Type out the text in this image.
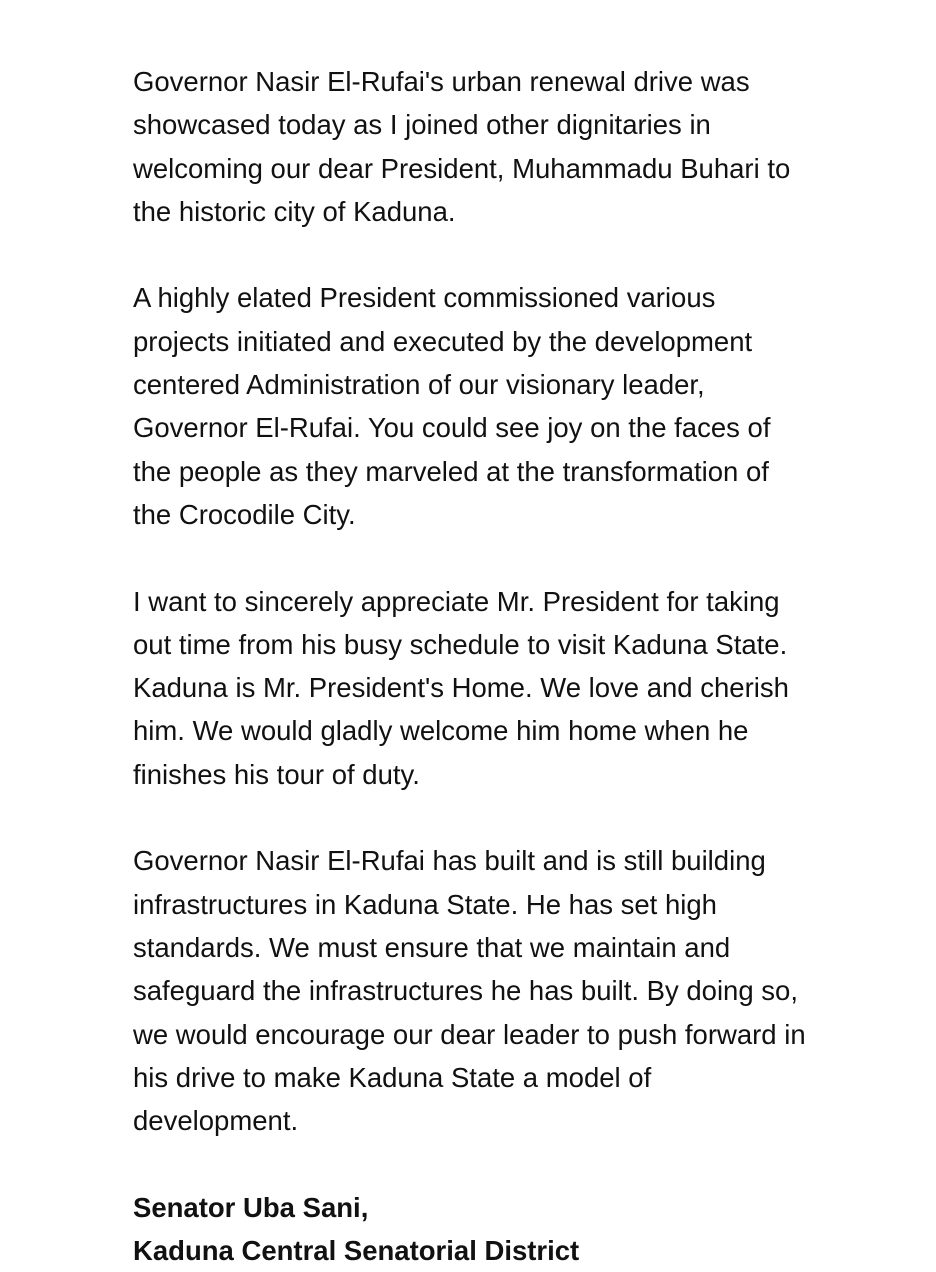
Governor Nasir El-Rufai's urban renewal drive was
showcased today as I joined other dignitaries in
welcoming our dear President, Muhammadu Buhari to
the historic city of Kaduna.

A highly elated President commissioned various
projects initiated and executed by the development
centered Administration of our visionary leader,
Governor El-Rufai. You could see joy on the faces of
the people as they marveled at the transformation of
the Crocodile City.

I want to sincerely appreciate Mr. President for taking
out time from his busy schedule to visit Kaduna State.
Kaduna is Mr. President's Home. We love and cherish
him. We would gladly welcome him home when he
finishes his tour of duty.

Governor Nasir El-Rufai has built and is still building
infrastructures in Kaduna State. He has set high
standards. We must ensure that we maintain and
safeguard the infrastructures he has built. By doing so,
we would encourage our dear leader to push forward in
his drive to make Kaduna State a model of
development.

Senator Uba Sani,
Kaduna Central Senatorial District
